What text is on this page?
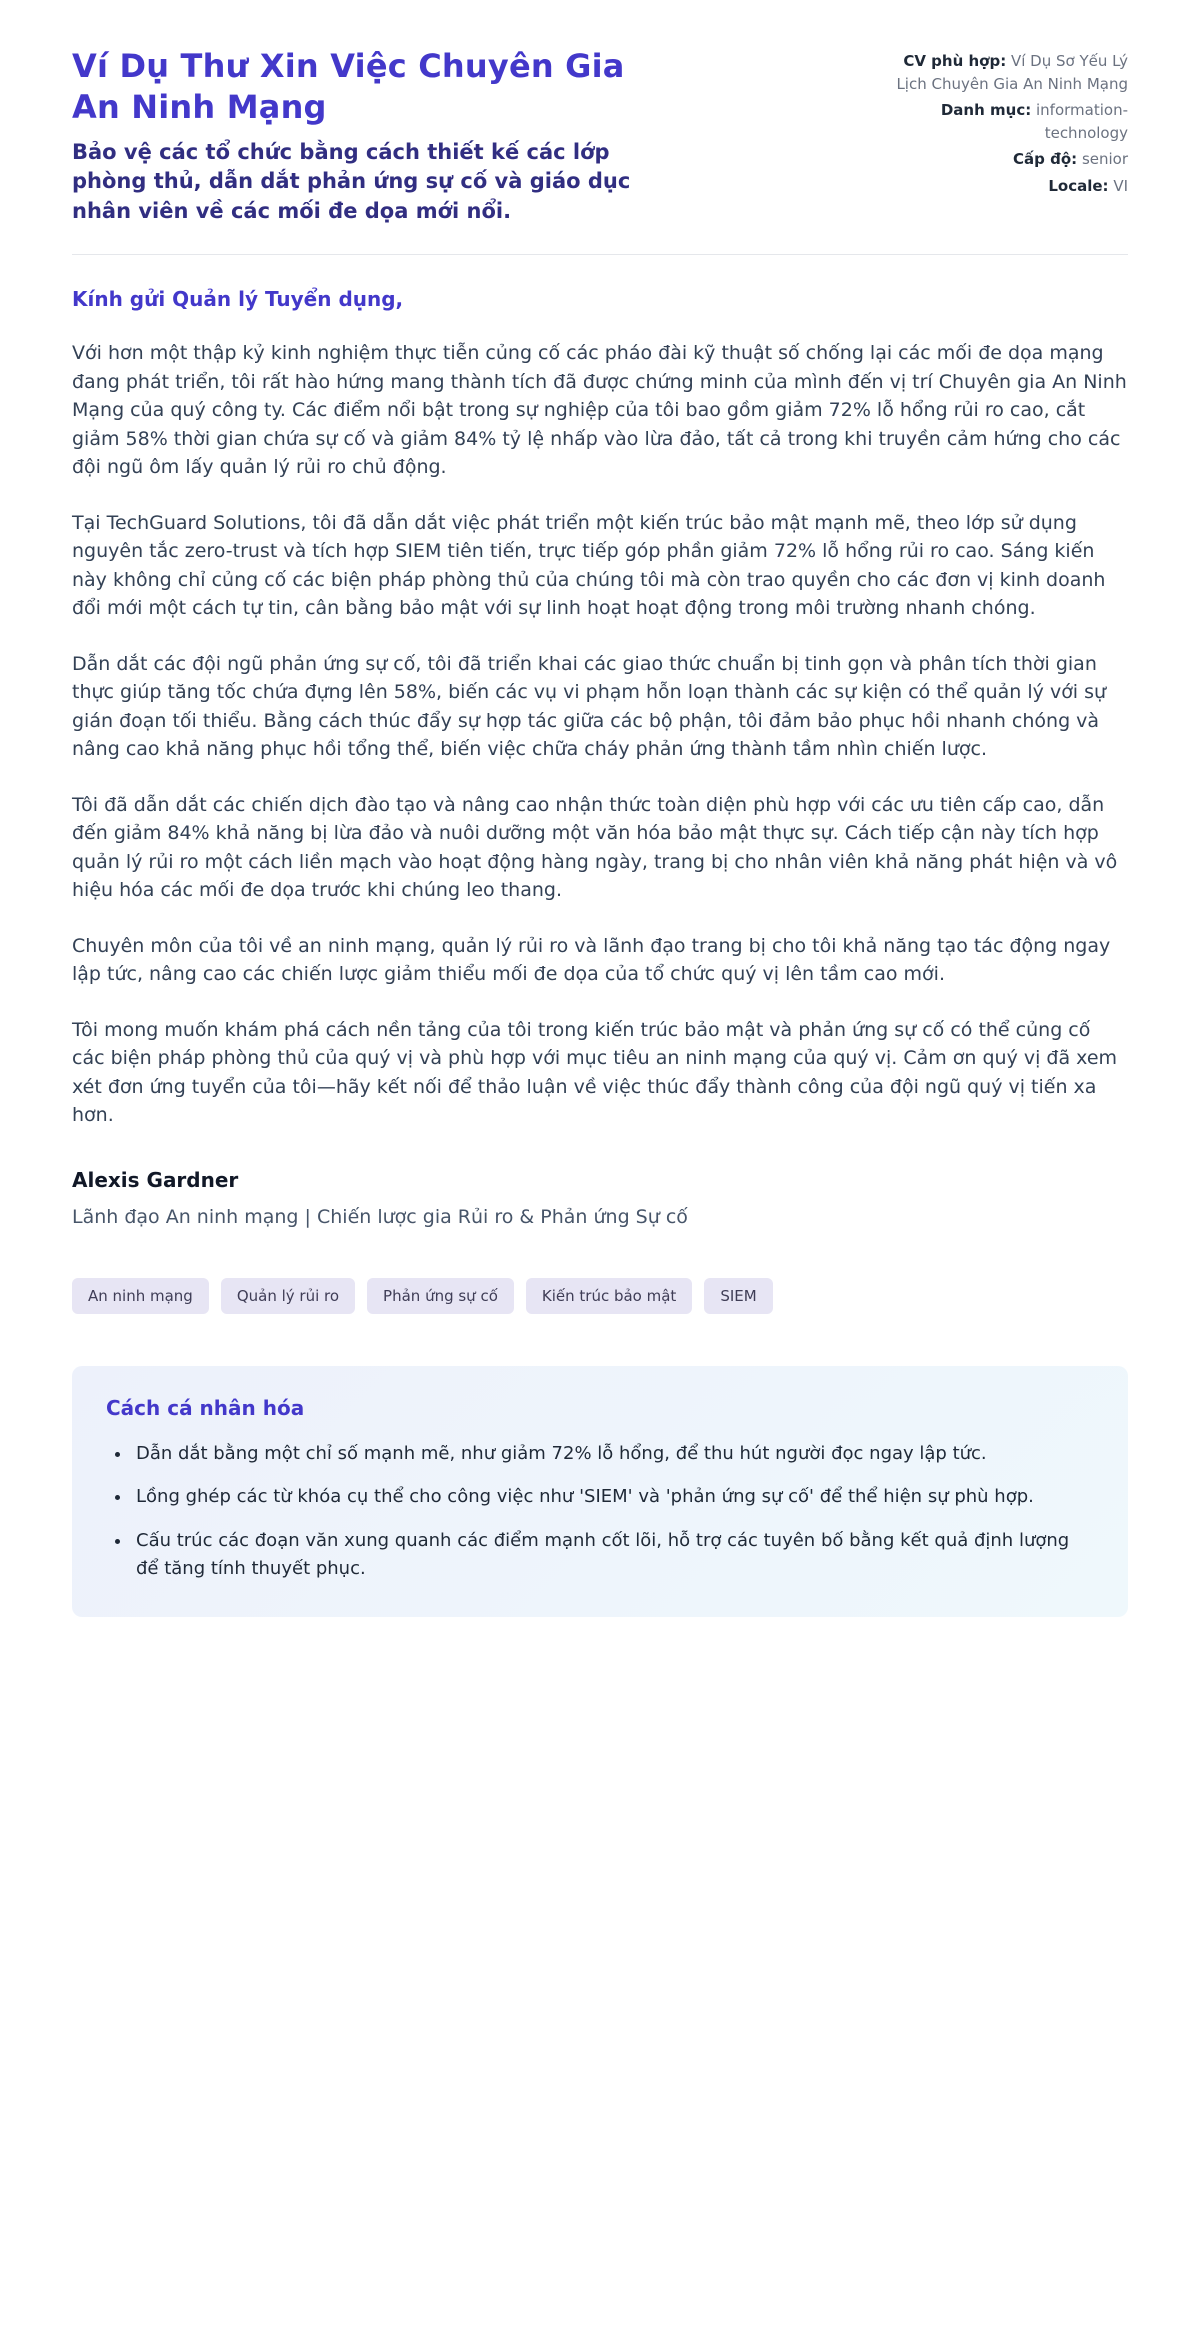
Ví Dụ Thư Xin Việc Chuyên Gia An Ninh Mạng

Bảo vệ các tổ chức bằng cách thiết kế các lớp phòng thủ, dẫn dắt phản ứng sự cố và giáo dục nhân viên về các mối đe dọa mới nổi.

CV phù hợp: Ví Dụ Sơ Yếu Lý Lịch Chuyên Gia An Ninh Mạng
Danh mục: information-technology
Cấp độ: senior
Locale: VI

Kính gửi Quản lý Tuyển dụng,

Với hơn một thập kỷ kinh nghiệm thực tiễn củng cố các pháo đài kỹ thuật số chống lại các mối đe dọa mạng đang phát triển, tôi rất hào hứng mang thành tích đã được chứng minh của mình đến vị trí Chuyên gia An Ninh Mạng của quý công ty. Các điểm nổi bật trong sự nghiệp của tôi bao gồm giảm 72% lỗ hổng rủi ro cao, cắt giảm 58% thời gian chứa sự cố và giảm 84% tỷ lệ nhấp vào lừa đảo, tất cả trong khi truyền cảm hứng cho các đội ngũ ôm lấy quản lý rủi ro chủ động.

Tại TechGuard Solutions, tôi đã dẫn dắt việc phát triển một kiến trúc bảo mật mạnh mẽ, theo lớp sử dụng nguyên tắc zero-trust và tích hợp SIEM tiên tiến, trực tiếp góp phần giảm 72% lỗ hổng rủi ro cao. Sáng kiến này không chỉ củng cố các biện pháp phòng thủ của chúng tôi mà còn trao quyền cho các đơn vị kinh doanh đổi mới một cách tự tin, cân bằng bảo mật với sự linh hoạt hoạt động trong môi trường nhanh chóng.

Dẫn dắt các đội ngũ phản ứng sự cố, tôi đã triển khai các giao thức chuẩn bị tinh gọn và phân tích thời gian thực giúp tăng tốc chứa đựng lên 58%, biến các vụ vi phạm hỗn loạn thành các sự kiện có thể quản lý với sự gián đoạn tối thiểu. Bằng cách thúc đẩy sự hợp tác giữa các bộ phận, tôi đảm bảo phục hồi nhanh chóng và nâng cao khả năng phục hồi tổng thể, biến việc chữa cháy phản ứng thành tầm nhìn chiến lược.

Tôi đã dẫn dắt các chiến dịch đào tạo và nâng cao nhận thức toàn diện phù hợp với các ưu tiên cấp cao, dẫn đến giảm 84% khả năng bị lừa đảo và nuôi dưỡng một văn hóa bảo mật thực sự. Cách tiếp cận này tích hợp quản lý rủi ro một cách liền mạch vào hoạt động hàng ngày, trang bị cho nhân viên khả năng phát hiện và vô hiệu hóa các mối đe dọa trước khi chúng leo thang.

Chuyên môn của tôi về an ninh mạng, quản lý rủi ro và lãnh đạo trang bị cho tôi khả năng tạo tác động ngay lập tức, nâng cao các chiến lược giảm thiểu mối đe dọa của tổ chức quý vị lên tầm cao mới.

Tôi mong muốn khám phá cách nền tảng của tôi trong kiến trúc bảo mật và phản ứng sự cố có thể củng cố các biện pháp phòng thủ của quý vị và phù hợp với mục tiêu an ninh mạng của quý vị. Cảm ơn quý vị đã xem xét đơn ứng tuyển của tôi—hãy kết nối để thảo luận về việc thúc đẩy thành công của đội ngũ quý vị tiến xa hơn.

Alexis Gardner

Lãnh đạo An ninh mạng | Chiến lược gia Rủi ro & Phản ứng Sự cố

An ninh mạng	Quản lý rủi ro	Phản ứng sự cố	Kiến trúc bảo mật	SIEM
Cách cá nhân hóa
• Dẫn dắt bằng một chỉ số mạnh mẽ, như giảm 72% lỗ hổng, để thu hút người đọc ngay lập tức.
• Lồng ghép các từ khóa cụ thể cho công việc như 'SIEM' và 'phản ứng sự cố' để thể hiện sự phù hợp.
• Cấu trúc các đoạn văn xung quanh các điểm mạnh cốt lõi, hỗ trợ các tuyên bố bằng kết quả định lượng để tăng tính thuyết phục.
